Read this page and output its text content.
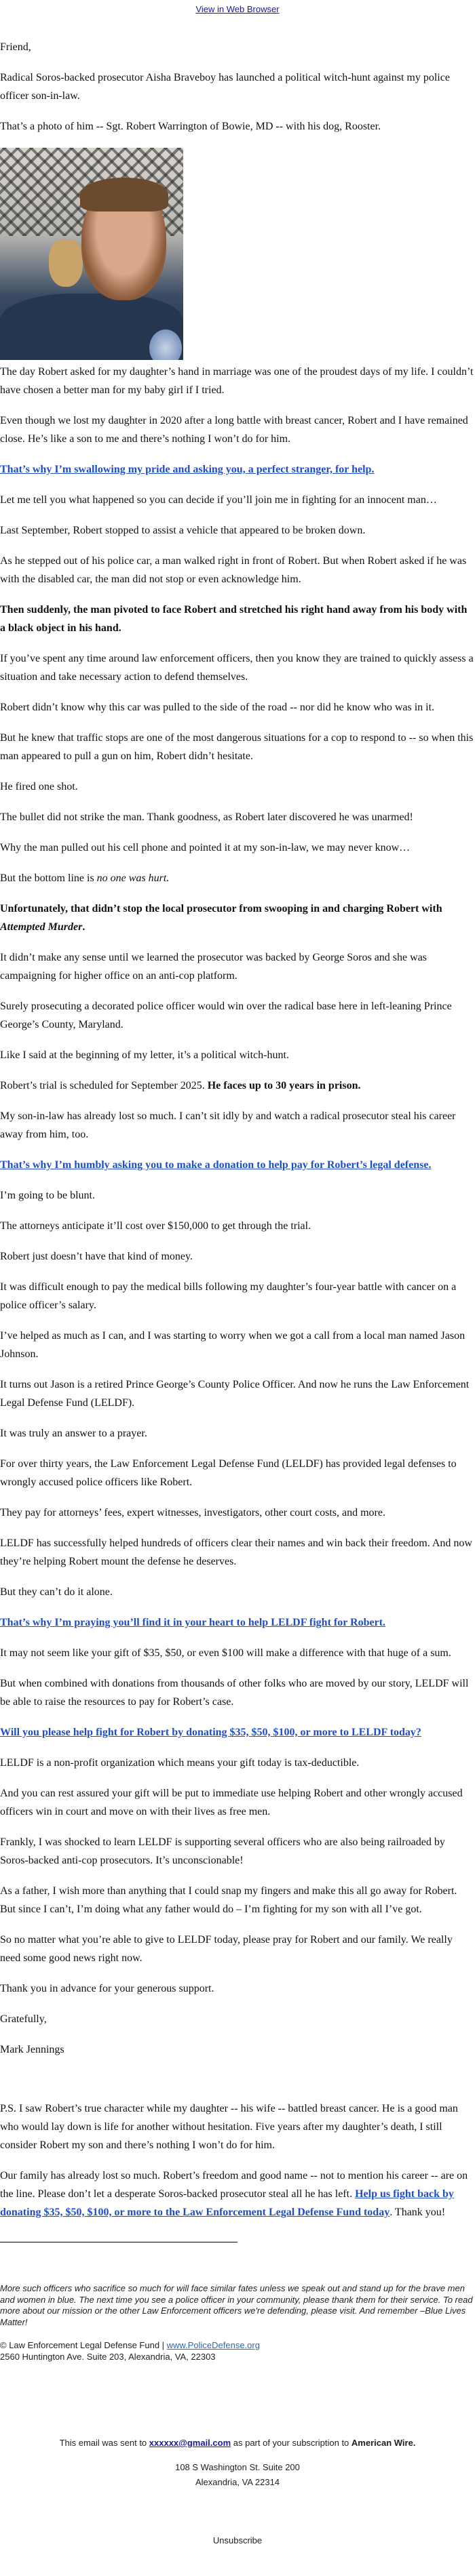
View in Web Browser

Friend,

Radical Soros-backed prosecutor Aisha Braveboy has launched a political witch-hunt against my police officer son-in-law.

That’s a photo of him -- Sgt. Robert Warrington of Bowie, MD -- with his dog, Rooster.

The day Robert asked for my daughter’s hand in marriage was one of the proudest days of my life. I couldn’t have chosen a better man for my baby girl if I tried.

Even though we lost my daughter in 2020 after a long battle with breast cancer, Robert and I have remained close. He’s like a son to me and there’s nothing I won’t do for him.

That’s why I’m swallowing my pride and asking you, a perfect stranger, for help.

Let me tell you what happened so you can decide if you’ll join me in fighting for an innocent man…

Last September, Robert stopped to assist a vehicle that appeared to be broken down.

As he stepped out of his police car, a man walked right in front of Robert. But when Robert asked if he was with the disabled car, the man did not stop or even acknowledge him.

Then suddenly, the man pivoted to face Robert and stretched his right hand away from his body with a black object in his hand.

If you’ve spent any time around law enforcement officers, then you know they are trained to quickly assess a situation and take necessary action to defend themselves.

Robert didn’t know why this car was pulled to the side of the road -- nor did he know who was in it.

But he knew that traffic stops are one of the most dangerous situations for a cop to respond to -- so when this man appeared to pull a gun on him, Robert didn’t hesitate.

He fired one shot.

The bullet did not strike the man. Thank goodness, as Robert later discovered he was unarmed!

Why the man pulled out his cell phone and pointed it at my son-in-law, we may never know…

But the bottom line is no one was hurt.

Unfortunately, that didn’t stop the local prosecutor from swooping in and charging Robert with Attempted Murder.

It didn’t make any sense until we learned the prosecutor was backed by George Soros and she was campaigning for higher office on an anti-cop platform.

Surely prosecuting a decorated police officer would win over the radical base here in left-leaning Prince George’s County, Maryland.

Like I said at the beginning of my letter, it’s a political witch-hunt.

Robert’s trial is scheduled for September 2025. He faces up to 30 years in prison.

My son-in-law has already lost so much. I can’t sit idly by and watch a radical prosecutor steal his career away from him, too.

That’s why I’m humbly asking you to make a donation to help pay for Robert’s legal defense.

I’m going to be blunt.

The attorneys anticipate it’ll cost over $150,000 to get through the trial.

Robert just doesn’t have that kind of money.

It was difficult enough to pay the medical bills following my daughter’s four-year battle with cancer on a police officer’s salary.

I’ve helped as much as I can, and I was starting to worry when we got a call from a local man named Jason Johnson.

It turns out Jason is a retired Prince George’s County Police Officer. And now he runs the Law Enforcement Legal Defense Fund (LELDF).

It was truly an answer to a prayer.

For over thirty years, the Law Enforcement Legal Defense Fund (LELDF) has provided legal defenses to wrongly accused police officers like Robert.

They pay for attorneys’ fees, expert witnesses, investigators, other court costs, and more.

LELDF has successfully helped hundreds of officers clear their names and win back their freedom. And now they’re helping Robert mount the defense he deserves.

But they can’t do it alone.

That’s why I’m praying you’ll find it in your heart to help LELDF fight for Robert.

It may not seem like your gift of $35, $50, or even $100 will make a difference with that huge of a sum.

But when combined with donations from thousands of other folks who are moved by our story, LELDF will be able to raise the resources to pay for Robert’s case.

Will you please help fight for Robert by donating $35, $50, $100, or more to LELDF today?

LELDF is a non-profit organization which means your gift today is tax-deductible.

And you can rest assured your gift will be put to immediate use helping Robert and other wrongly accused officers win in court and move on with their lives as free men.

Frankly, I was shocked to learn LELDF is supporting several officers who are also being railroaded by Soros-backed anti-cop prosecutors. It’s unconscionable!

As a father, I wish more than anything that I could snap my fingers and make this all go away for Robert. But since I can’t, I’m doing what any father would do – I’m fighting for my son with all I’ve got.

So no matter what you’re able to give to LELDF today, please pray for Robert and our family. We really need some good news right now.

Thank you in advance for your generous support.

Gratefully,

Mark Jennings

P.S. I saw Robert’s true character while my daughter -- his wife -- battled breast cancer. He is a good man who would lay down is life for another without hesitation. Five years after my daughter’s death, I still consider Robert my son and there’s nothing I won’t do for him.

Our family has already lost so much. Robert’s freedom and good name -- not to mention his career -- are on the line. Please don’t let a desperate Soros-backed prosecutor steal all he has left. Help us fight back by donating $35, $50, $100, or more to the Law Enforcement Legal Defense Fund today. Thank you!

More such officers who sacrifice so much for will face similar fates unless we speak out and stand up for the brave men and women in blue. The next time you see a police officer in your community, please thank them for their service. To read more about our mission or the other Law Enforcement officers we're defending, please visit. And remember –Blue Lives Matter!

© Law Enforcement Legal Defense Fund | www.PoliceDefense.org
2560 Huntington Ave. Suite 203, Alexandria, VA, 22303
This email was sent to xxxxxx@gmail.com as part of your subscription to American Wire.
108 S Washington St. Suite 200
Alexandria, VA 22314
Unsubscribe
